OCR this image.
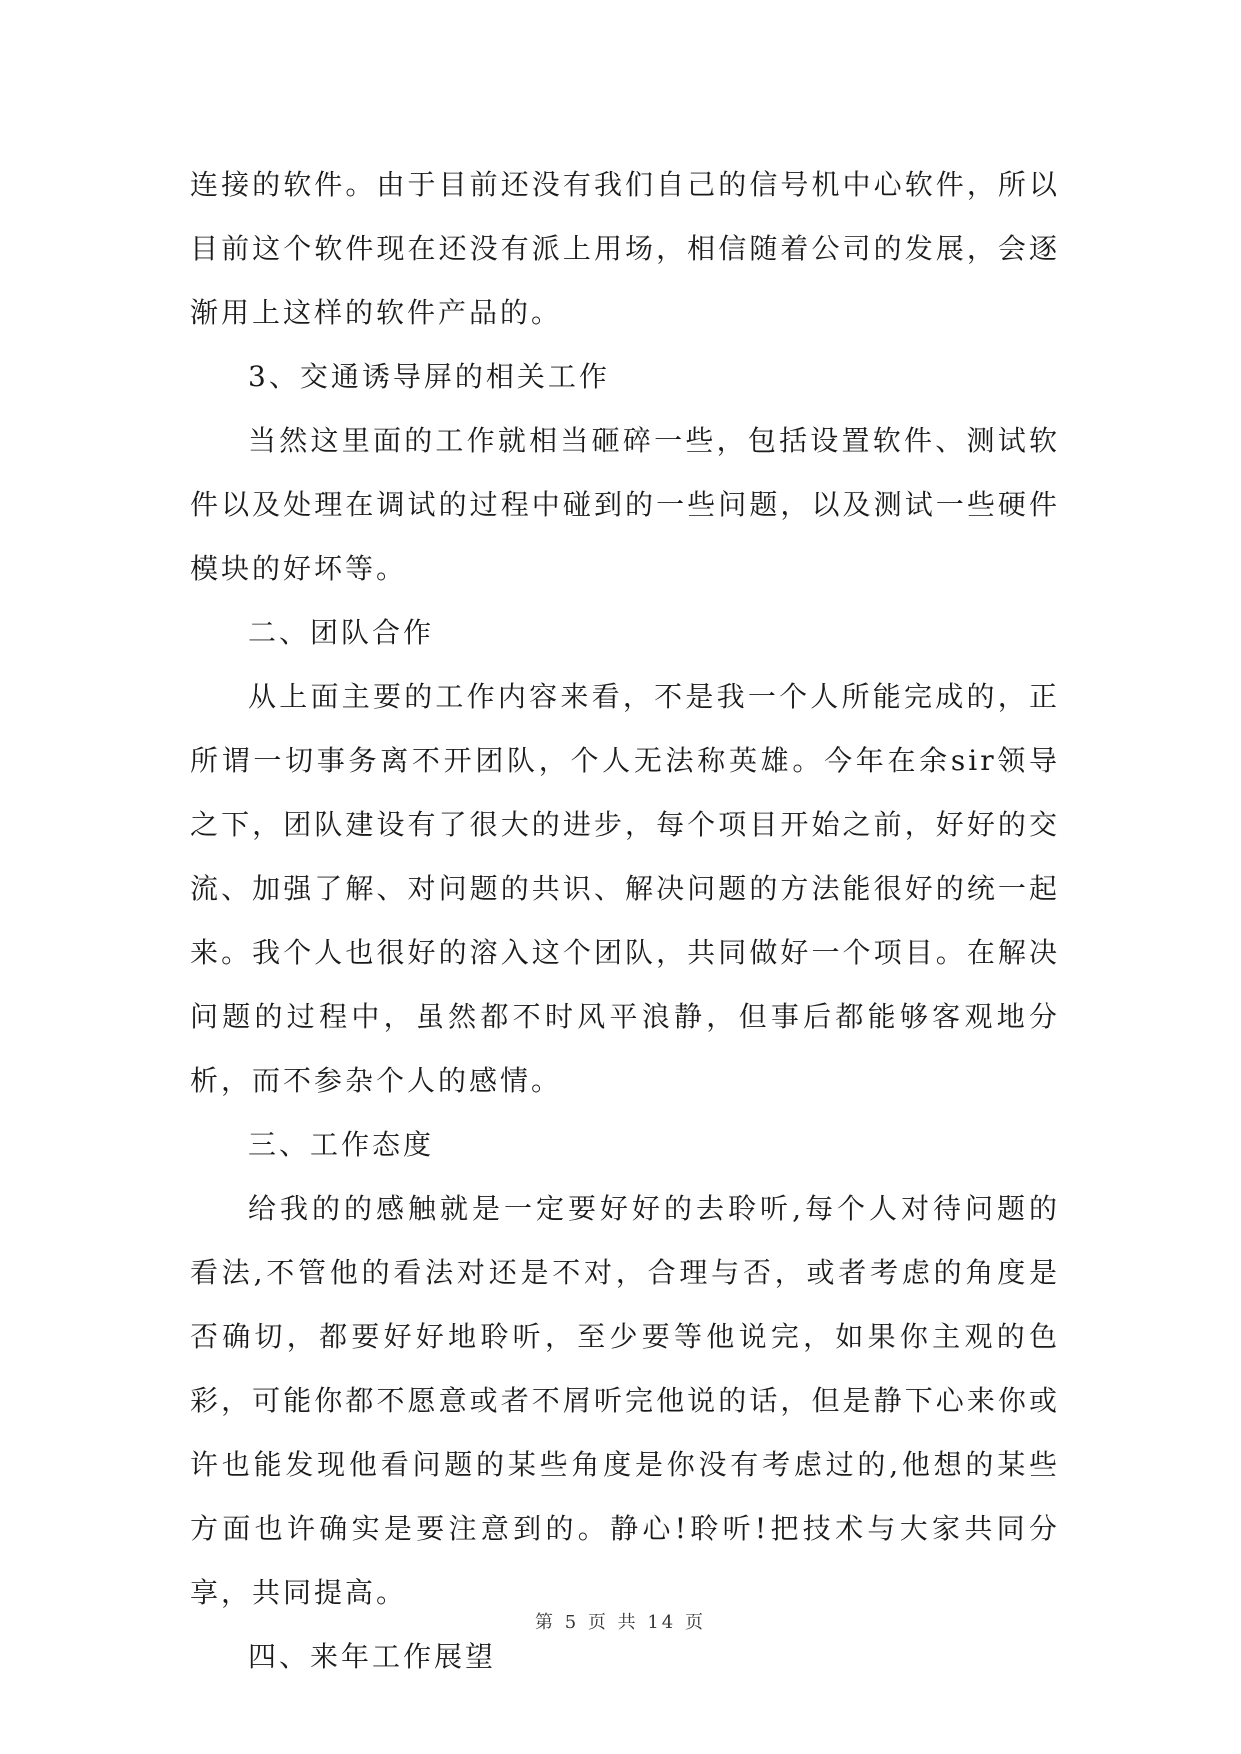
连接的软件。由于目前还没有我们自己的信号机中心软件，所以目前这个软件现在还没有派上用场，相信随着公司的发展，会逐渐用上这样的软件产品的。

3、交通诱导屏的相关工作

当然这里面的工作就相当砸碎一些，包括设置软件、测试软件以及处理在调试的过程中碰到的一些问题，以及测试一些硬件模块的好坏等。

二、团队合作

从上面主要的工作内容来看，不是我一个人所能完成的，正所谓一切事务离不开团队，个人无法称英雄。今年在余sir领导之下，团队建设有了很大的进步，每个项目开始之前，好好的交流、加强了解、对问题的共识、解决问题的方法能很好的统一起来。我个人也很好的溶入这个团队，共同做好一个项目。在解决问题的过程中，虽然都不时风平浪静，但事后都能够客观地分析，而不参杂个人的感情。

三、工作态度

给我的的感触就是一定要好好的去聆听,每个人对待问题的看法,不管他的看法对还是不对，合理与否，或者考虑的角度是否确切，都要好好地聆听，至少要等他说完，如果你主观的色彩，可能你都不愿意或者不屑听完他说的话，但是静下心来你或许也能发现他看问题的某些角度是你没有考虑过的,他想的某些方面也许确实是要注意到的。静心!聆听!把技术与大家共同分享，共同提高。

四、来年工作展望

第 5 页 共 14 页
